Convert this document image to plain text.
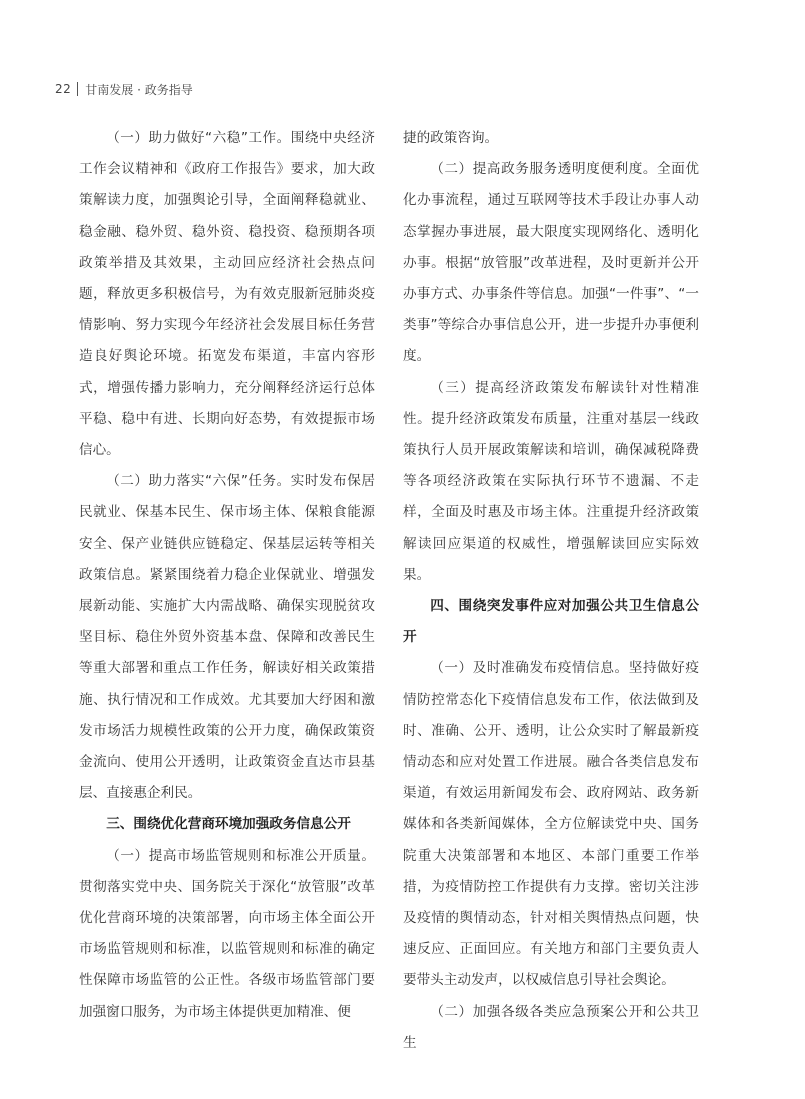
22 甘南发展 · 政务指导

（一）助力做好“六稳”工作。围绕中央经济工作会议精神和《政府工作报告》要求，加大政策解读力度，加强舆论引导，全面阐释稳就业、稳金融、稳外贸、稳外资、稳投资、稳预期各项政策举措及其效果，主动回应经济社会热点问题，释放更多积极信号，为有效克服新冠肺炎疫情影响、努力实现今年经济社会发展目标任务营造良好舆论环境。拓宽发布渠道，丰富内容形式，增强传播力影响力，充分阐释经济运行总体平稳、稳中有进、长期向好态势，有效提振市场信心。

（二）助力落实“六保”任务。实时发布保居民就业、保基本民生、保市场主体、保粮食能源安全、保产业链供应链稳定、保基层运转等相关政策信息。紧紧围绕着力稳企业保就业、增强发展新动能、实施扩大内需战略、确保实现脱贫攻坚目标、稳住外贸外资基本盘、保障和改善民生等重大部署和重点工作任务，解读好相关政策措施、执行情况和工作成效。尤其要加大纾困和激发市场活力规模性政策的公开力度，确保政策资金流向、使用公开透明，让政策资金直达市县基层、直接惠企利民。

三、围绕优化营商环境加强政务信息公开

（一）提高市场监管规则和标准公开质量。贯彻落实党中央、国务院关于深化“放管服”改革优化营商环境的决策部署，向市场主体全面公开市场监管规则和标准，以监管规则和标准的确定性保障市场监管的公正性。各级市场监管部门要加强窗口服务，为市场主体提供更加精准、便

捷的政策咨询。

（二）提高政务服务透明度便利度。全面优化办事流程，通过互联网等技术手段让办事人动态掌握办事进展，最大限度实现网络化、透明化办事。根据“放管服”改革进程，及时更新并公开办事方式、办事条件等信息。加强“一件事”、“一类事”等综合办事信息公开，进一步提升办事便利度。

（三）提高经济政策发布解读针对性精准性。提升经济政策发布质量，注重对基层一线政策执行人员开展政策解读和培训，确保减税降费等各项经济政策在实际执行环节不遗漏、不走样，全面及时惠及市场主体。注重提升经济政策解读回应渠道的权威性，增强解读回应实际效果。

四、围绕突发事件应对加强公共卫生信息公开

（一）及时准确发布疫情信息。坚持做好疫情防控常态化下疫情信息发布工作，依法做到及时、准确、公开、透明，让公众实时了解最新疫情动态和应对处置工作进展。融合各类信息发布渠道，有效运用新闻发布会、政府网站、政务新媒体和各类新闻媒体，全方位解读党中央、国务院重大决策部署和本地区、本部门重要工作举措，为疫情防控工作提供有力支撑。密切关注涉及疫情的舆情动态，针对相关舆情热点问题，快速反应、正面回应。有关地方和部门主要负责人要带头主动发声，以权威信息引导社会舆论。

（二）加强各级各类应急预案公开和公共卫生
